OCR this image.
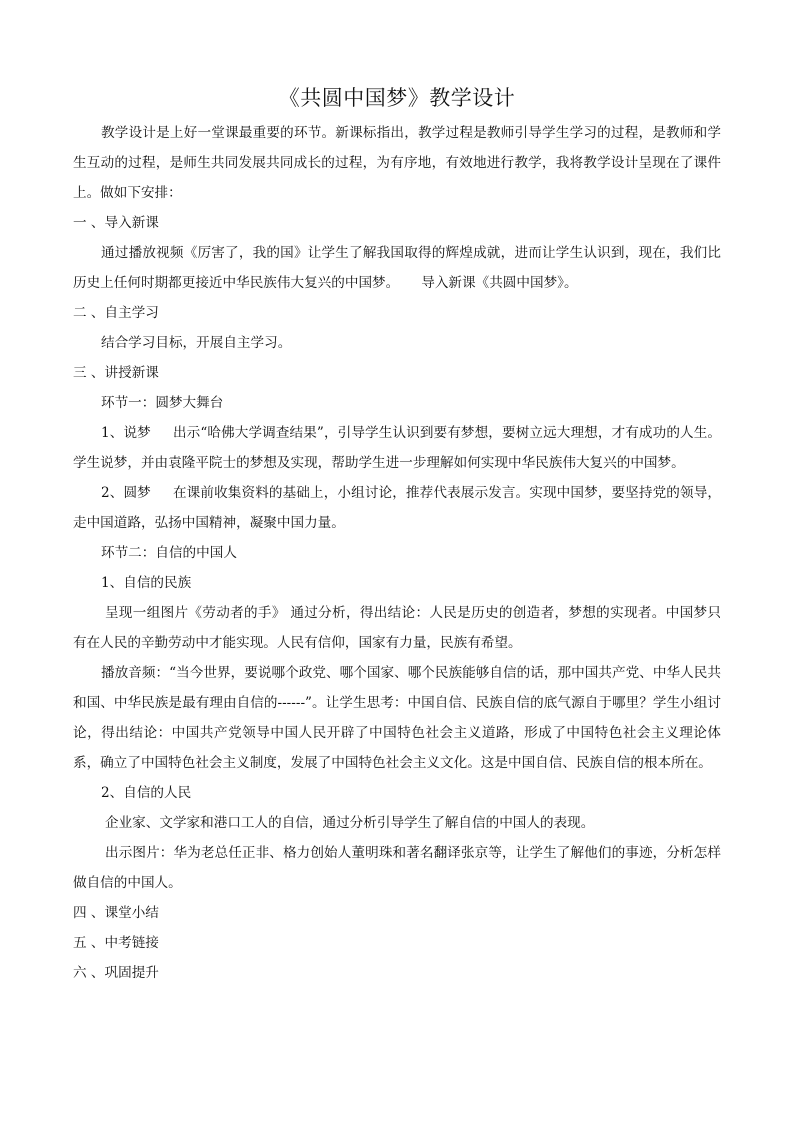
《共圆中国梦》教学设计

教学设计是上好一堂课最重要的环节。新课标指出，教学过程是教师引导学生学习的过程，是教师和学生互动的过程，是师生共同发展共同成长的过程，为有序地，有效地进行教学，我将教学设计呈现在了课件上。做如下安排：

一 、导入新课

通过播放视频《厉害了，我的国》让学生了解我国取得的辉煌成就，进而让学生认识到，现在，我们比历史上任何时期都更接近中华民族伟大复兴的中国梦。 导入新课《共圆中国梦》。

二 、自主学习

结合学习目标，开展自主学习。

三 、讲授新课

环节一：圆梦大舞台

1、说梦 出示“哈佛大学调查结果”，引导学生认识到要有梦想，要树立远大理想，才有成功的人生。学生说梦，并由袁隆平院士的梦想及实现，帮助学生进一步理解如何实现中华民族伟大复兴的中国梦。

2、圆梦 在课前收集资料的基础上，小组讨论，推荐代表展示发言。实现中国梦，要坚持党的领导，走中国道路，弘扬中国精神，凝聚中国力量。

环节二：自信的中国人

1、自信的民族

呈现一组图片《劳动者的手》 通过分析，得出结论：人民是历史的创造者，梦想的实现者。中国梦只有在人民的辛勤劳动中才能实现。人民有信仰，国家有力量，民族有希望。

播放音频：“当今世界，要说哪个政党、哪个国家、哪个民族能够自信的话，那中国共产党、中华人民共和国、中华民族是最有理由自信的------”。让学生思考：中国自信、民族自信的底气源自于哪里？学生小组讨论，得出结论：中国共产党领导中国人民开辟了中国特色社会主义道路，形成了中国特色社会主义理论体系，确立了中国特色社会主义制度，发展了中国特色社会主义文化。这是中国自信、民族自信的根本所在。

2、自信的人民

企业家、文学家和港口工人的自信，通过分析引导学生了解自信的中国人的表现。

出示图片：华为老总任正非、格力创始人董明珠和著名翻译张京等，让学生了解他们的事迹，分析怎样做自信的中国人。

四 、课堂小结

五 、中考链接

六 、巩固提升
